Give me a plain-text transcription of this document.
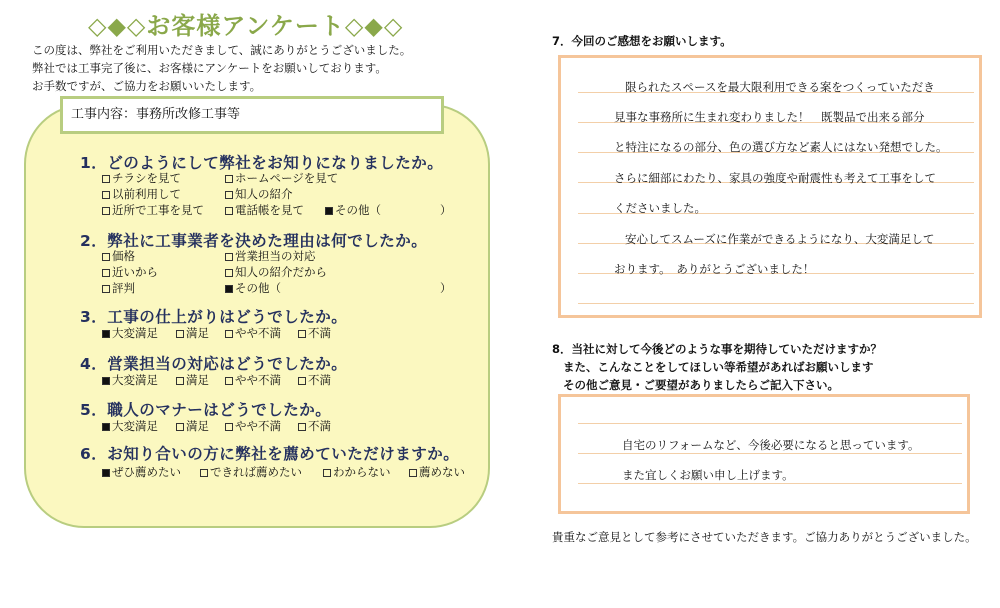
◇◆◇お客様アンケート◇◆◇
この度は、弊社をご利用いただきまして、誠にありがとうございました。
弊社では工事完了後に、お客様にアンケートをお願いしております。
お手数ですが、ご協力をお願いいたします。
工事内容：事務所改修工事等
1．どのようにして弊社をお知りになりましたか。
チラシを見て	ホームページを見て
以前利用して	知人の紹介
近所で工事を見て	電話帳を見て	その他（	）
2．弊社に工事業者を決めた理由は何でしたか。
価格	営業担当の対応
近いから	知人の紹介だから
評判	その他（	）
3．工事の仕上がりはどうでしたか。
大変満足	満足	やや不満	不満
4．営業担当の対応はどうでしたか。
大変満足	満足	やや不満	不満
5．職人のマナーはどうでしたか。
大変満足	満足	やや不満	不満
6．お知り合いの方に弊社を薦めていただけますか。
ぜひ薦めたい	できれば薦めたい	わからない	薦めない
7．今回のご感想をお願いします。
限られたスペースを最大限利用できる案をつくっていただき
見事な事務所に生まれ変わりました！　既製品で出来る部分
と特注になるの部分、色の選び方など素人にはない発想でした。
さらに細部にわたり、家具の強度や耐震性も考えて工事をして
くださいました。
安心してスムーズに作業ができるようになり、大変満足して
おります。　ありがとうございました！
8．当社に対して今後どのような事を期待していただけますか？
また、こんなことをしてほしい等希望があればお願いします
その他ご意見・ご要望がありましたらご記入下さい。
自宅のリフォームなど、今後必要になると思っています。
また宜しくお願い申し上げます。
貴重なご意見として参考にさせていただきます。ご協力ありがとうございました。
